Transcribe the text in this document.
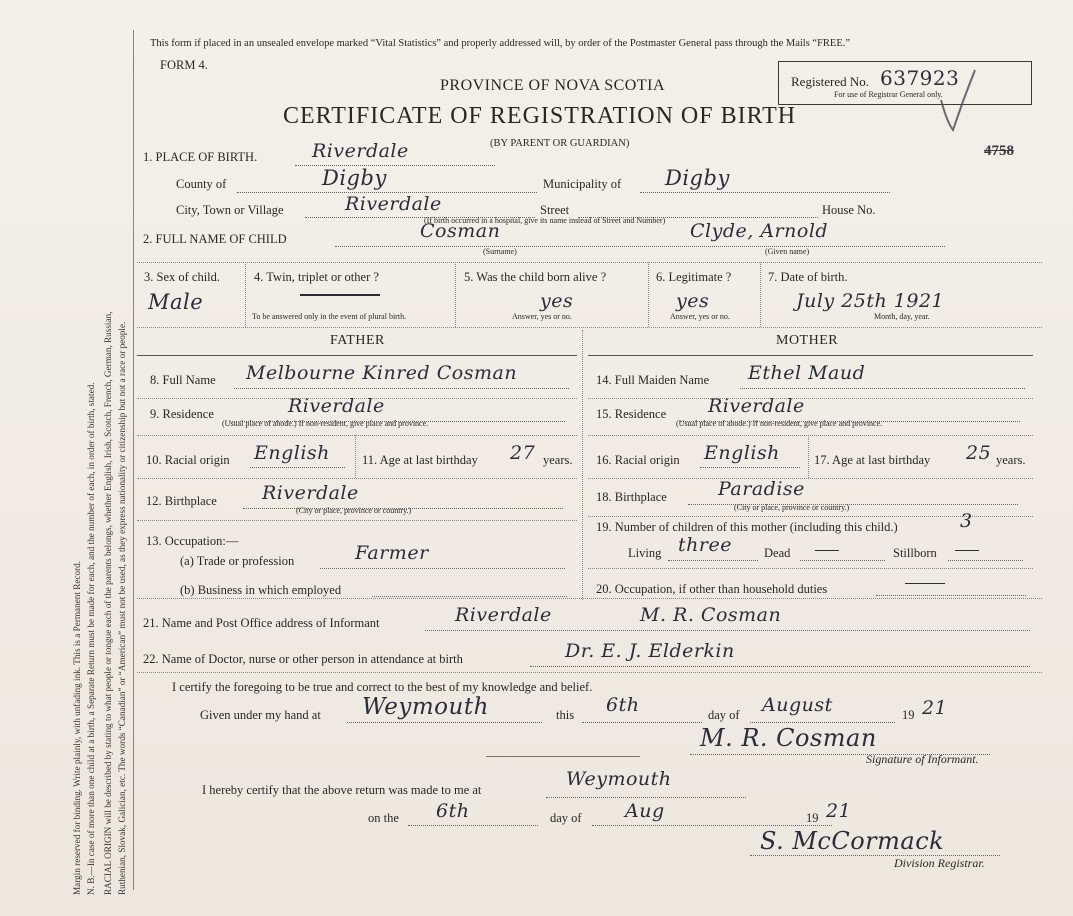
Margin reserved for binding. Write plainly, with unfading ink. This is a Permanent Record. N. B.—In case of more than one child at a birth, a Separate Return must be made for each, and the number of each, in order of birth, stated. RACIAL ORIGIN will be described by stating to what people or tongue each of the parents belongs, whether English, Irish, Scotch, French, German, Russian, Ruthenian, Slovak, Galician, etc. The words “Canadian” or “American” must not be used, as they express nationality or citizenship but not a race or people.
This form if placed in an unsealed envelope marked “Vital Statistics” and properly addressed will, by order of the Postmaster General pass through the Mails “FREE.”
FORM 4.
PROVINCE OF NOVA SCOTIA
CERTIFICATE OF REGISTRATION OF BIRTH
(BY PARENT OR GUARDIAN)
Registered No. 637923
For use of Registrar General only.
4758
1. PLACE OF BIRTH.	Riverdale
County of	Digby	Municipality of Digby
City, Town or Village	Riverdale	Street	House No.
(If birth occurred in a hospital, give its name instead of Street and Number)
2. FULL NAME OF CHILD	Cosman	Clyde, Arnold
(Surname)	(Given name)
3. Sex of child.
Male
4. Twin, triplet or other ?
To be answered only in the event of plural birth.
5. Was the child born alive ?
yes
Answer, yes or no.
6. Legitimate ?
yes
Answer, yes or no.
7. Date of birth.
July 25th 1921
Month, day, year.
FATHER	MOTHER
8. Full Name Melbourne Kinred Cosman
9. Residence	Riverdale
(Usual place of abode.) If non-resident, give place and province.
10. Racial origin English	11. Age at last birthday 27 years.
12. Birthplace Riverdale
(City or place, province or country.)
13. Occupation:—
(a) Trade or profession	Farmer
(b) Business in which employed
14. Full Maiden Name Ethel Maud
15. Residence Riverdale
(Usual place of abode.) If non-resident, give place and province.
16. Racial origin English	17. Age at last birthday 25 years.
18. Birthplace	Paradise
(City or place, province or country.)
19. Number of children of this mother (including this child.)	3
Living three	Dead	Stillborn
20. Occupation, if other than household duties
21. Name and Post Office address of Informant	Riverdale	M. R. Cosman
22. Name of Doctor, nurse or other person in attendance at birth	Dr. E. J. Elderkin
I certify the foregoing to be true and correct to the best of my knowledge and belief.
Given under my hand at Weymouth	this 6th	day of August	19 21
M. R. Cosman
Signature of Informant.
I hereby certify that the above return was made to me at	Weymouth
on the 6th	day of Aug	19 21
S. McCormack
Division Registrar.
